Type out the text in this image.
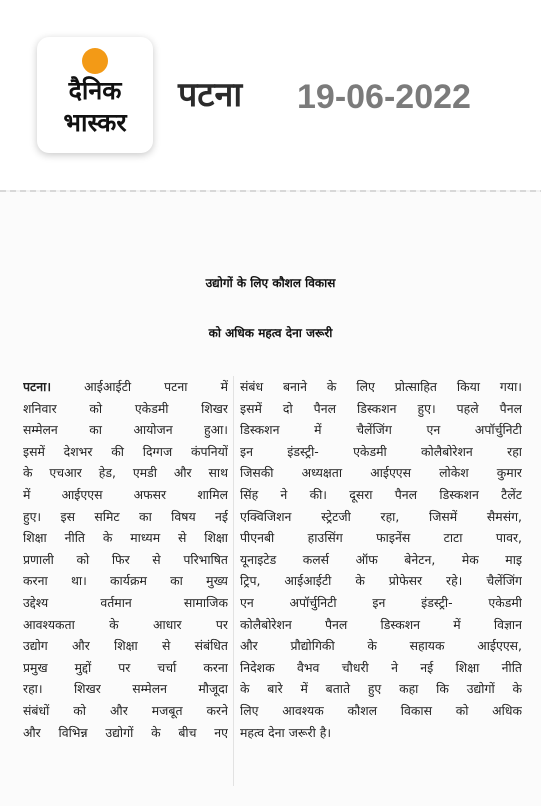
दैनिक
भास्कर
पटना 19-06-2022
उद्योगों के लिए कौशल विकास
को अधिक महत्व देना जरूरी
पटना।	आईआईटी पटना में
शनिवार को एकेडमी शिखर
सम्मेलन का आयोजन हुआ।
इसमें देशभर की दिग्गज कंपनियों
के एचआर हेड, एमडी और साथ
में आईएएस अफसर शामिल
हुए। इस समिट का विषय नई
शिक्षा नीति के माध्यम से शिक्षा
प्रणाली को फिर से परिभाषित
करना था। कार्यक्रम का मुख्य
उद्देश्य वर्तमान सामाजिक
आवश्यकता के आधार पर
उद्योग और शिक्षा से संबंधित
प्रमुख मुद्दों पर चर्चा करना
रहा। शिखर सम्मेलन मौजूदा
संबंधों को और मजबूत करने
और विभिन्न उद्योगों के बीच नए
संबंध बनाने के लिए प्रोत्साहित किया गया।
इसमें दो पैनल डिस्कशन हुए। पहले पैनल
डिस्कशन में चैलेंजिंग एन अपॉर्चुनिटी
इन इंडस्ट्री- एकेडमी कोलैबोरेशन रहा
जिसकी अध्यक्षता आईएएस लोकेश कुमार
सिंह ने की। दूसरा पैनल डिस्कशन टैलेंट
एक्विजिशन स्ट्रेटजी रहा, जिसमें सैमसंग,
पीएनबी हाउसिंग फाइनेंस टाटा पावर,
यूनाइटेड कलर्स ऑफ बेनेटन, मेक माइ
ट्रिप, आईआईटी के प्रोफेसर रहे। चैलेंजिंग
एन अपॉर्चुनिटी इन इंडस्ट्री- एकेडमी
कोलैबोरेशन पैनल डिस्कशन में विज्ञान
और प्रौद्योगिकी के सहायक आईएएस,
निदेशक वैभव चौधरी ने नई शिक्षा नीति
के बारे में बताते हुए कहा कि उद्योगों के
लिए आवश्यक कौशल विकास को अधिक
महत्व देना जरूरी है।
